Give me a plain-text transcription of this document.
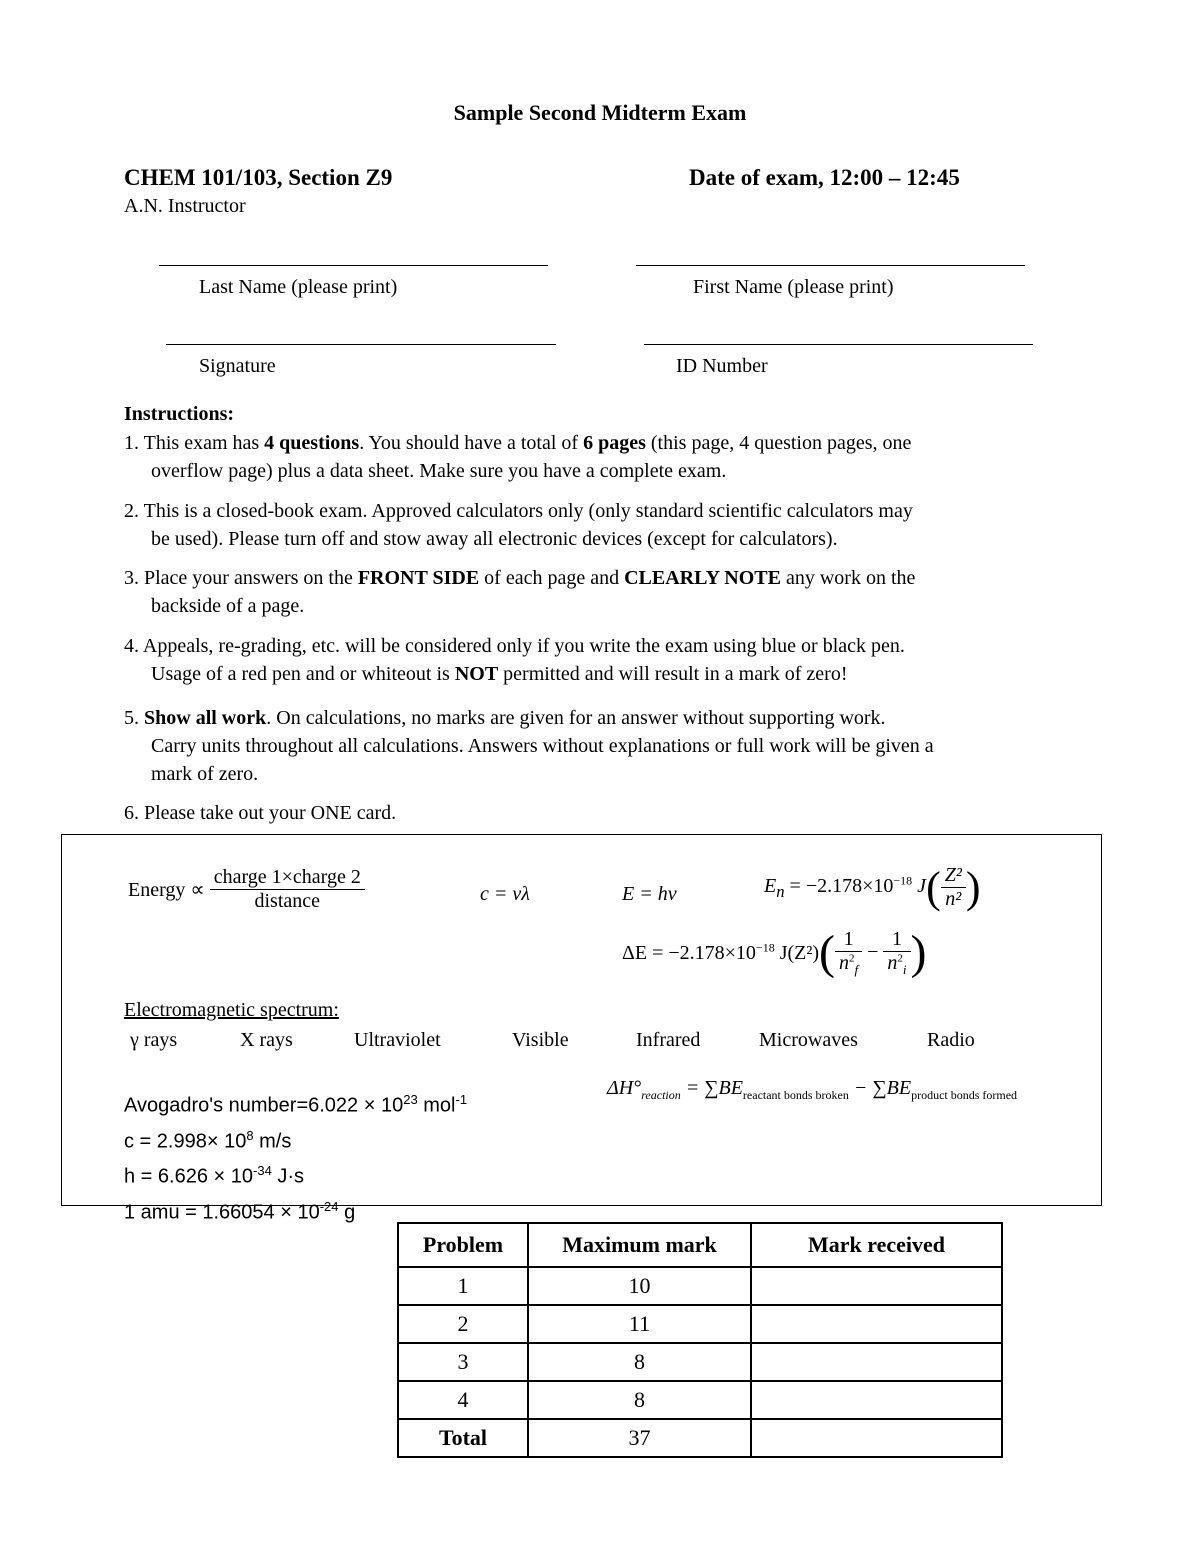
Sample Second Midterm Exam
CHEM 101/103, Section Z9	Date of exam, 12:00 – 12:45
A.N. Instructor
Last Name (please print)	First Name (please print)
Signature	ID Number
Instructions:
1. This exam has 4 questions. You should have a total of 6 pages (this page, 4 question pages, one
overflow page) plus a data sheet. Make sure you have a complete exam.
2. This is a closed-book exam. Approved calculators only (only standard scientific calculators may
be used). Please turn off and stow away all electronic devices (except for calculators).
3. Place your answers on the FRONT SIDE of each page and CLEARLY NOTE any work on the
backside of a page.
4. Appeals, re-grading, etc. will be considered only if you write the exam using blue or black pen.
Usage of a red pen and or whiteout is NOT permitted and will result in a mark of zero!
5. Show all work. On calculations, no marks are given for an answer without supporting work.
Carry units throughout all calculations. Answers without explanations or full work will be given a
mark of zero.
6. Please take out your ONE card.
Energy ∝ $\frac{\text{charge 1×charge 2}}{\text{distance}}$	c = νλ	E = hν	$E_n = -2.178\times 10^{-18}$ $J( \frac{\text{Z²}}{\text{n²}}$ )
$\Delta E = -2.178\times 10^{-18}$ $J(Z^2)( \frac{1}{n^2_f} - \frac{1}{n^2_i}$ )
Electromagnetic spectrum:
γ rays	X rays	Ultraviolet	Visible	Infrared	Microwaves	Radio
Avogadro's number=6.022 × $10^{23}$ mol$^{-1}$
$c = 2.998\times 10^8$ m/s
$h = 6.626 \times 10^{-34}$ J·s
1 amu = $1.66054 \times 10^{-24}$ g
$\Delta H^\circ_{reaction} = \sum BE_{reactant bonds broken} - \sum BE_{product bonds formed}$
Problem	Maximum mark	Mark received
1	10	
2	11	
3	8	
4	8	
Total	37	
